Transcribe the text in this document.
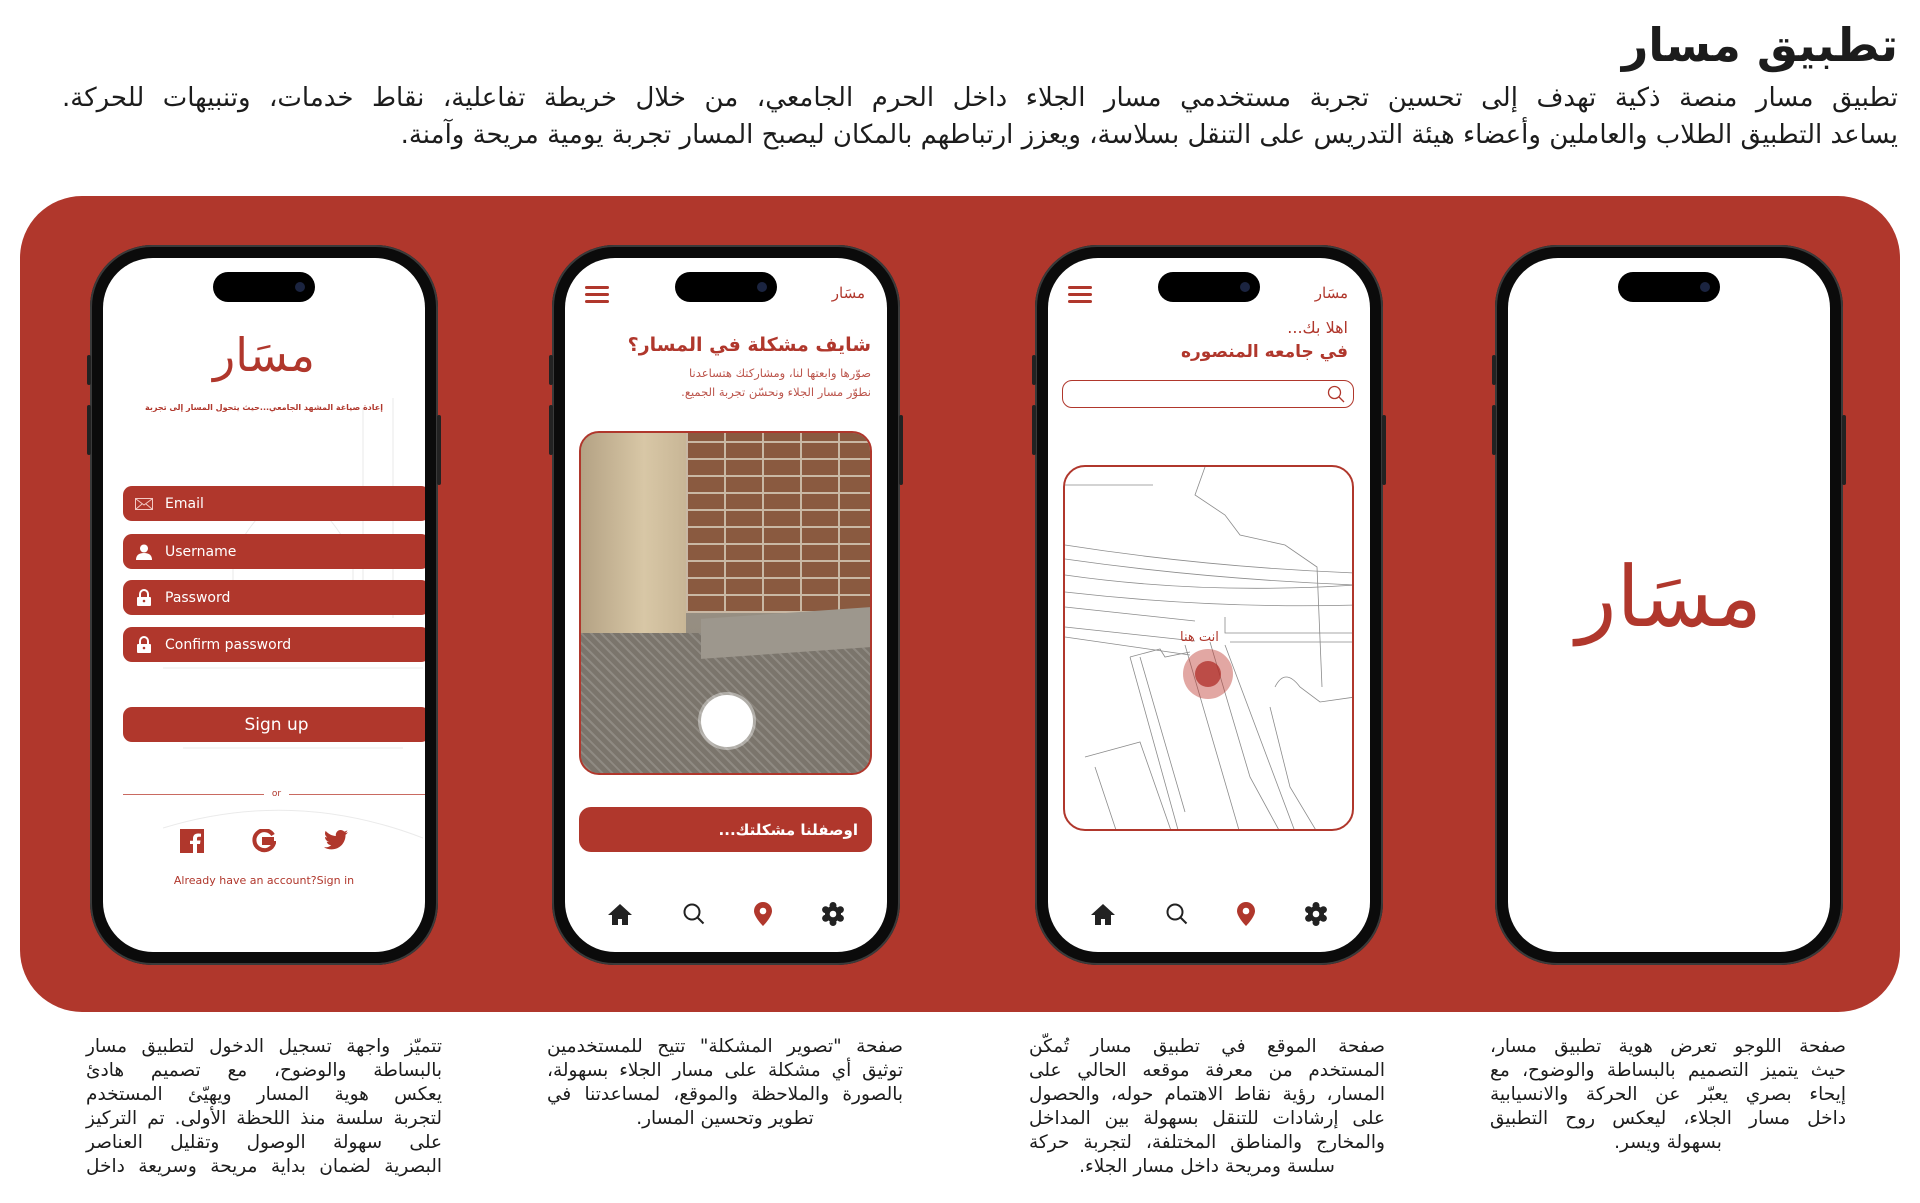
تطبيق مسار
تطبيق مسار منصة ذكية تهدف إلى تحسين تجربة مستخدمي مسار الجلاء داخل الحرم الجامعي، من خلال خريطة تفاعلية، نقاط خدمات، وتنبيهات للحركة.
يساعد التطبيق الطلاب والعاملين وأعضاء هيئة التدريس على التنقل بسلاسة، ويعزز ارتباطهم بالمكان ليصبح المسار تجربة يومية مريحة وآمنة.
مسَار
إعادة صياغة المشهد الجامعي...حيث يتحول المسار إلى تجربة
Email
Username
Password
Confirm password
Sign up
or
Already have an account?Sign in
مسَار
شايف مشكلة في المسار؟
صوّرها وابعتها لنا، ومشاركتك هتساعدنا
نطوّر مسار الجلاء ونحسّن تجربة الجميع.
اوصفلنا مشكلتك...
مسَار
اهلا بك...
في جامعه المنصوره
انت هنا	مسَار
تتميّز واجهة تسجيل الدخول لتطبيق مسار
بالبساطة والوضوح، مع تصميم هادئ
يعكس هوية المسار ويهيّئ المستخدم
لتجربة سلسة منذ اللحظة الأولى. تم التركيز
على سهولة الوصول وتقليل العناصر
البصرية لضمان بداية مريحة وسريعة داخل
صفحة "تصوير المشكلة" تتيح للمستخدمين
توثيق أي مشكلة على مسار الجلاء بسهولة،
بالصورة والملاحظة والموقع، لمساعدتنا في
تطوير وتحسين المسار.
صفحة الموقع في تطبيق مسار تُمكّن
المستخدم من معرفة موقعه الحالي على
المسار، رؤية نقاط الاهتمام حوله، والحصول
على إرشادات للتنقل بسهولة بين المداخل
والمخارج والمناطق المختلفة، لتجربة حركة
سلسة ومريحة داخل مسار الجلاء.
صفحة اللوجو تعرض هوية تطبيق مسار،
حيث يتميز التصميم بالبساطة والوضوح، مع
إيحاء بصري يعبّر عن الحركة والانسيابية
داخل مسار الجلاء، ليعكس روح التطبيق
بسهولة ويسر.
